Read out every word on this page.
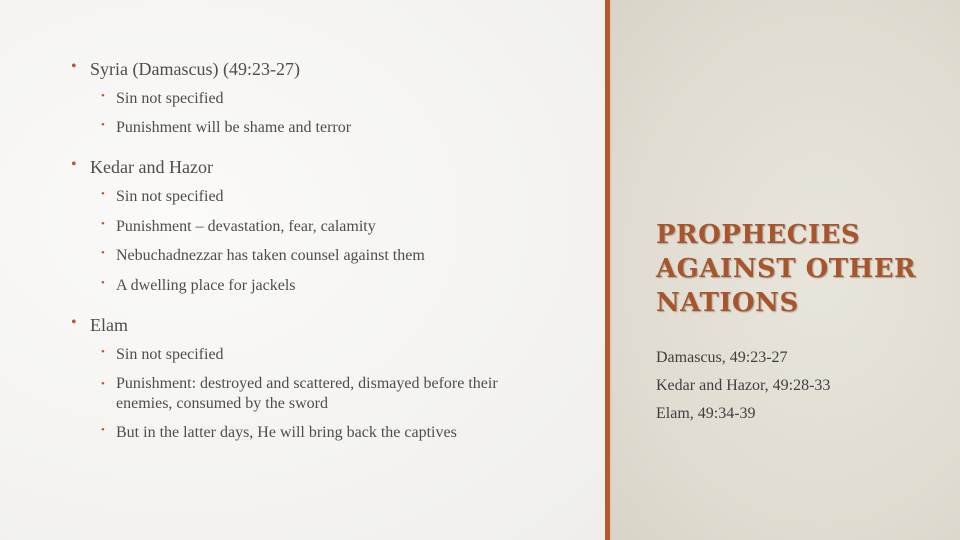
• Syria (Damascus) (49:23-27)
• Sin not specified
• Punishment will be shame and terror
• Kedar and Hazor
• Sin not specified
• Punishment – devastation, fear, calamity
• Nebuchadnezzar has taken counsel against them
• A dwelling place for jackels
• Elam
• Sin not specified
• Punishment: destroyed and scattered, dismayed before their enemies, consumed by the sword
• But in the latter days, He will bring back the captives
PROPHECIES AGAINST OTHER NATIONS
Damascus, 49:23-27
Kedar and Hazor, 49:28-33
Elam, 49:34-39
